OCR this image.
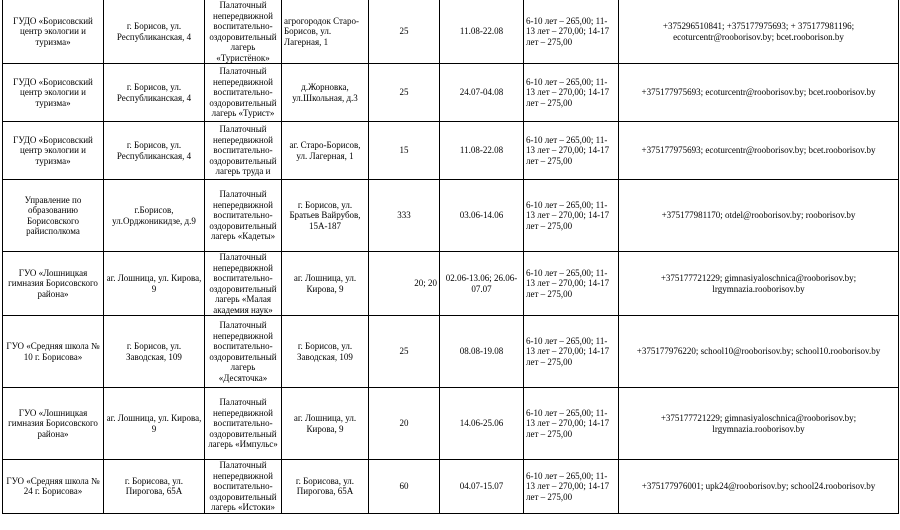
ГУДО «Борисовский центр экологии и туризма»	г. Борисов, ул. Республиканская, 4	Палаточный непередвижной воспитательно-оздоровительный лагерь «Туристёнок»	агрогородок Старо-Борисов, ул. Лагерная, 1	25	11.08-22.08	6-10 лет – 265,00; 11-13 лет – 270,00; 14-17 лет – 275,00	+375296510841; +375177975693; + 375177981196; ecoturcentr@rooborisov.by; bcet.rooborison.by
ГУДО «Борисовский центр экологии и туризма»	г. Борисов, ул. Республиканская, 4	Палаточный непередвижной воспитательно-оздоровительный лагерь «Турист»	д.Жорновка, ул.Школьная, д.3	25	24.07-04.08	6-10 лет – 265,00; 11-13 лет – 270,00; 14-17 лет – 275,00	+375177975693; ecoturcentr@rooborisov.by; bcet.rooborisov.by
ГУДО «Борисовский центр экологии и туризма»	г. Борисов, ул. Республиканская, 4	Палаточный непередвижной воспитательно-оздоровительный лагерь труда и	аг. Старо-Борисов, ул. Лагерная, 1	15	11.08-22.08	6-10 лет – 265,00; 11-13 лет – 270,00; 14-17 лет – 275,00	+375177975693; ecoturcentr@rooborisov.by; bcet.rooborisov.by
Управление по образованию Борисовского райисполкома	г.Борисов, ул.Орджоникидзе, д.9	Палаточный непередвижной воспитательно-оздоровительный лагерь «Кадеты»	г. Борисов, ул. Братьев Вайрубов, 15А-187	333	03.06-14.06	6-10 лет – 265,00; 11-13 лет – 270,00; 14-17 лет – 275,00	+375177981170; otdel@rooborisov.by; rooborisov.by
ГУО «Лошницкая гимназия Борисовского района»	аг. Лошница, ул. Кирова, 9	Палаточный непередвижной воспитательно-оздоровительный лагерь «Малая академия наук»	аг. Лошница, ул. Кирова, 9	20; 20	02.06-13.06; 26.06-07.07	6-10 лет – 265,00; 11-13 лет – 270,00; 14-17 лет – 275,00	+375177721229; gimnasiyaloschnica@rooborisov.by; lrgymnazia.rooborisov.by
ГУО «Средняя школа № 10 г. Борисова»	г. Борисов, ул. Заводская, 109	Палаточный непередвижной воспитательно-оздоровительный лагерь «Десяточка»	г. Борисов, ул. Заводская, 109	25	08.08-19.08	6-10 лет – 265,00; 11-13 лет – 270,00; 14-17 лет – 275,00	+375177976220; school10@rooborisov.by; school10.rooborisov.by
ГУО «Лошницкая гимназия Борисовского района»	аг. Лошница, ул. Кирова, 9	Палаточный непередвижной воспитательно-оздоровительный лагерь «Импульс»	аг. Лошница, ул. Кирова, 9	20	14.06-25.06	6-10 лет – 265,00; 11-13 лет – 270,00; 14-17 лет – 275,00	+375177721229; gimnasiyaloschnica@rooborisov.by; lrgymnazia.rooborisov.by
ГУО «Средняя школа № 24 г. Борисова»	г. Борисова, ул. Пирогова, 65А	Палаточный непередвижной воспитательно-оздоровительный лагерь «Истоки»	г. Борисова, ул. Пирогова, 65А	60	04.07-15.07	6-10 лет – 265,00; 11-13 лет – 270,00; 14-17 лет – 275,00	+375177976001; upk24@rooborisov.by; school24.rooborisov.by
